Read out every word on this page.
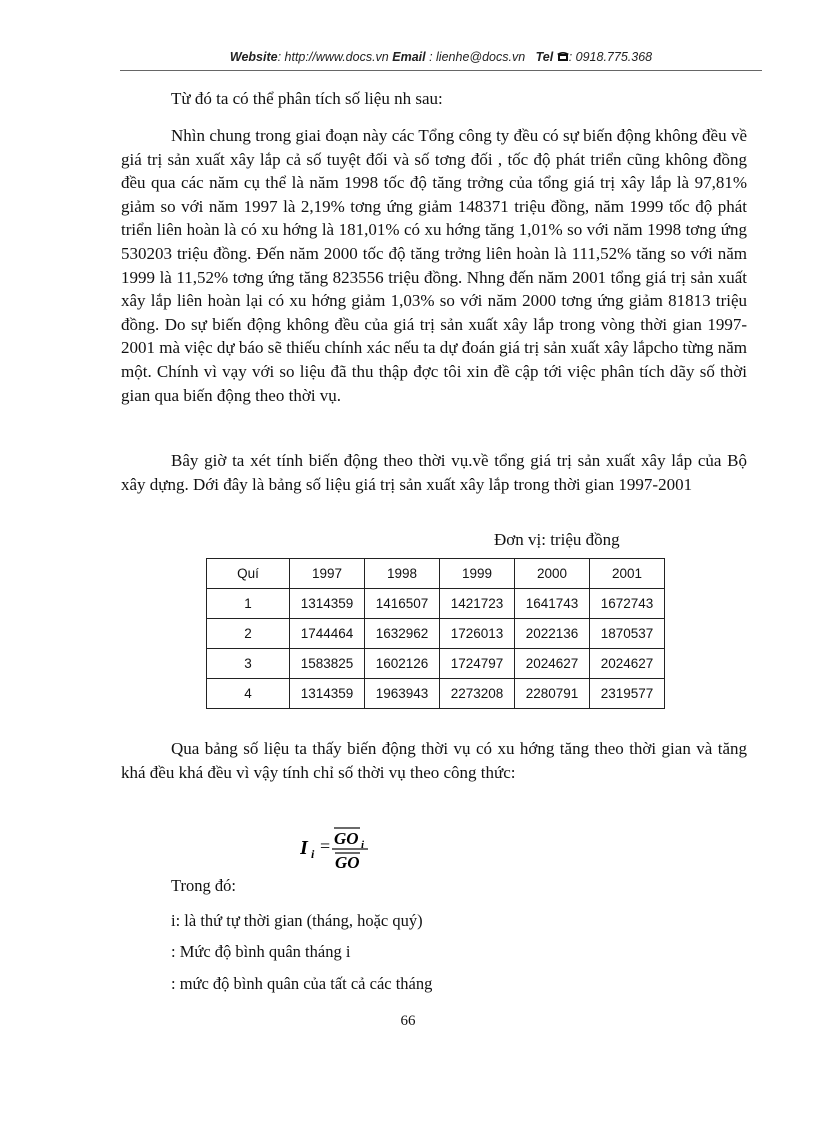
Website: http://www.docs.vn Email : lienhe@docs.vn Tel : 0918.775.368

Từ đó ta có thể phân tích số liệu nh sau:

Nhìn chung trong giai đoạn này các Tổng công ty đều có sự biến động không đều về giá trị sản xuất xây lắp cả số tuyệt đối và số tơng đối , tốc độ phát triển cũng không đồng đều qua các năm cụ thể là năm 1998 tốc độ tăng trởng của tổng giá trị xây lắp là 97,81% giảm so với năm 1997 là 2,19% tơng ứng giảm 148371 triệu đồng, năm 1999 tốc độ phát triển liên hoàn là có xu hớng là 181,01% có xu hớng tăng 1,01% so với năm 1998 tơng ứng 530203 triệu đồng. Đến năm 2000 tốc độ tăng trởng liên hoàn là 111,52% tăng so với năm 1999 là 11,52% tơng ứng tăng 823556 triệu đồng. Nhng đến năm 2001 tổng giá trị sản xuất xây lắp liên hoàn lại có xu hớng giảm 1,03% so với năm 2000 tơng ứng giảm 81813 triệu đồng. Do sự biến động không đều của giá trị sản xuất xây lắp trong vòng thời gian 1997-2001 mà việc dự báo sẽ thiếu chính xác nếu ta dự đoán giá trị sản xuất xây lắpcho từng năm một. Chính vì vạy với so liệu đã thu thập đợc tôi xin đề cập tới việc phân tích dãy số thời gian qua biến động theo thời vụ.

Bây giờ ta xét tính biến động theo thời vụ.về tổng giá trị sản xuất xây lắp của Bộ xây dựng. Dới đây là bảng số liệu giá trị sản xuất xây lắp trong thời gian 1997-2001

Đơn vị: triệu đồng
Quí	1997	1998	1999	2000	2001
1	1314359	1416507	1421723	1641743	1672743
2	1744464	1632962	1726013	2022136	1870537
3	1583825	1602126	1724797	2024627	2024627
4	1314359	1963943	2273208	2280791	2319577

Qua bảng số liệu ta thấy biến động thời vụ có xu hớng tăng theo thời gian và tăng khá đều khá đều vì vậy tính chỉ số thời vụ theo công thức:

I i = GO i
GO
Trong đó:
i: là thứ tự thời gian (tháng, hoặc quý)
: Mức độ bình quân tháng i
: mức độ bình quân của tất cả các tháng
66
